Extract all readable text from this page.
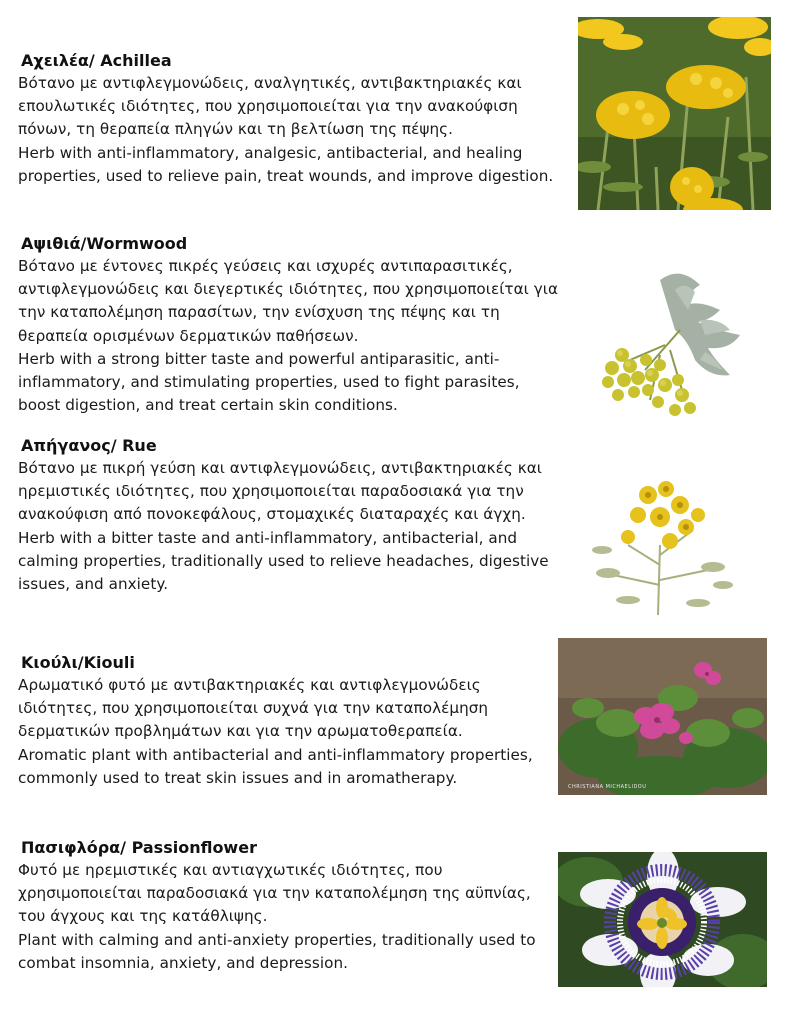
Αχειλέα/ Achillea

Βότανο με αντιφλεγμονώδεις, αναλγητικές, αντιβακτηριακές και επουλωτικές ιδιότητες, που χρησιμοποιείται για την ανακούφιση πόνων, τη θεραπεία πληγών και τη βελτίωση της πέψης.

Herb with anti-inflammatory, analgesic, antibacterial, and healing properties, used to relieve pain, treat wounds, and improve digestion.

Αψιθιά/Wormwood

Βότανο με έντονες πικρές γεύσεις και ισχυρές αντιπαρασιτικές, αντιφλεγμονώδεις και διεγερτικές ιδιότητες, που χρησιμοποιείται για την καταπολέμηση παρασίτων, την ενίσχυση της πέψης και τη θεραπεία ορισμένων δερματικών παθήσεων.

Herb with a strong bitter taste and powerful antiparasitic, anti-inflammatory, and stimulating properties, used to fight parasites, boost digestion, and treat certain skin conditions.

Απήγανος/ Rue

Βότανο με πικρή γεύση και αντιφλεγμονώδεις, αντιβακτηριακές και ηρεμιστικές ιδιότητες, που χρησιμοποιείται παραδοσιακά για την ανακούφιση από πονοκεφάλους, στομαχικές διαταραχές και άγχη.

Herb with a bitter taste and anti-inflammatory, antibacterial, and calming properties, traditionally used to relieve headaches, digestive issues, and anxiety.

Κιούλι/Kiouli

Αρωματικό φυτό με αντιβακτηριακές και αντιφλεγμονώδεις ιδιότητες, που χρησιμοποιείται συχνά για την καταπολέμηση δερματικών προβλημάτων και για την αρωματοθεραπεία.

Aromatic plant with antibacterial and anti-inflammatory properties, commonly used to treat skin issues and in aromatherapy.

CHRISTIANA MICHAELIDOU
Πασιφλόρα/ Passionflower

Φυτό με ηρεμιστικές και αντιαγχωτικές ιδιότητες, που χρησιμοποιείται παραδοσιακά για την καταπολέμηση της αϋπνίας, του άγχους και της κατάθλιψης.

Plant with calming and anti-anxiety properties, traditionally used to combat insomnia, anxiety, and depression.
